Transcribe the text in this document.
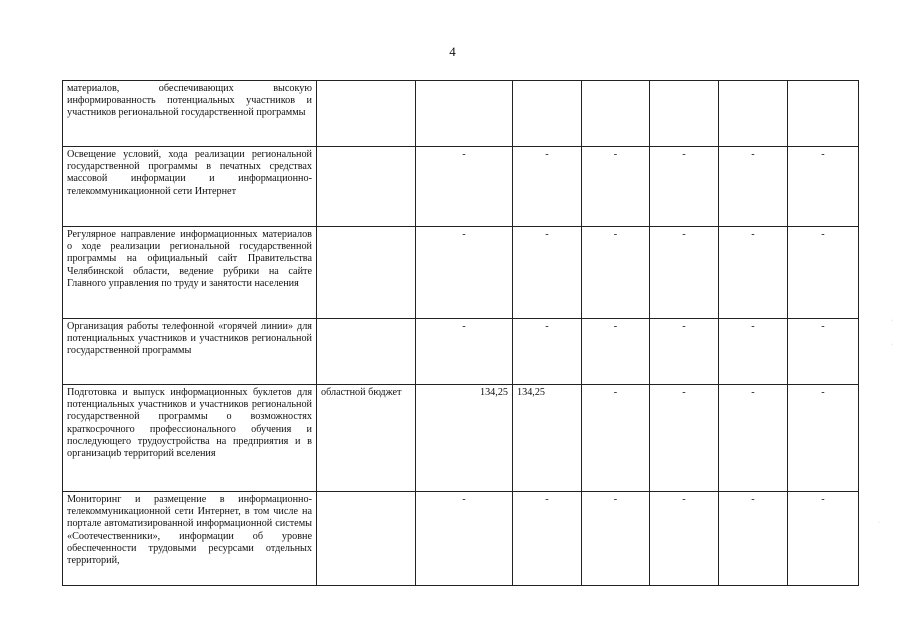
4
материалов, обеспечивающих высокую информированность потенциальных участников и участников региональной государственной программы							
Освещение условий, хода реализации региональной государственной программы в печатных средствах массовой информации и информационно-телекоммуникационной сети Интернет		-	-	-	-	-	-
Регулярное направление информационных материалов о ходе реализации региональной государственной программы на официальный сайт Правительства Челябинской области, ведение рубрики на сайте Главного управления по труду и занятости населения		-	-	-	-	-	-
Организация работы телефонной «горячей линии» для потенциальных участников и участников региональной государственной программы		-	-	-	-	-	-
Подготовка и выпуск информационных буклетов для потенциальных участников и участников региональной государственной программы о возможностях краткосрочного профессионального обучения и последующего трудоустройства на предприятия и в организациb территорий вселения	областной бюджет	134,25	134,25	-	-	-	-
Мониторинг и размещение в информационно-телекоммуникационной сети Интернет, в том числе на портале автоматизированной информационной системы «Соотечественники», информации об уровне обеспеченности трудовыми ресурсами отдельных территорий,		-	-	-	-	-	-
·
·
·
